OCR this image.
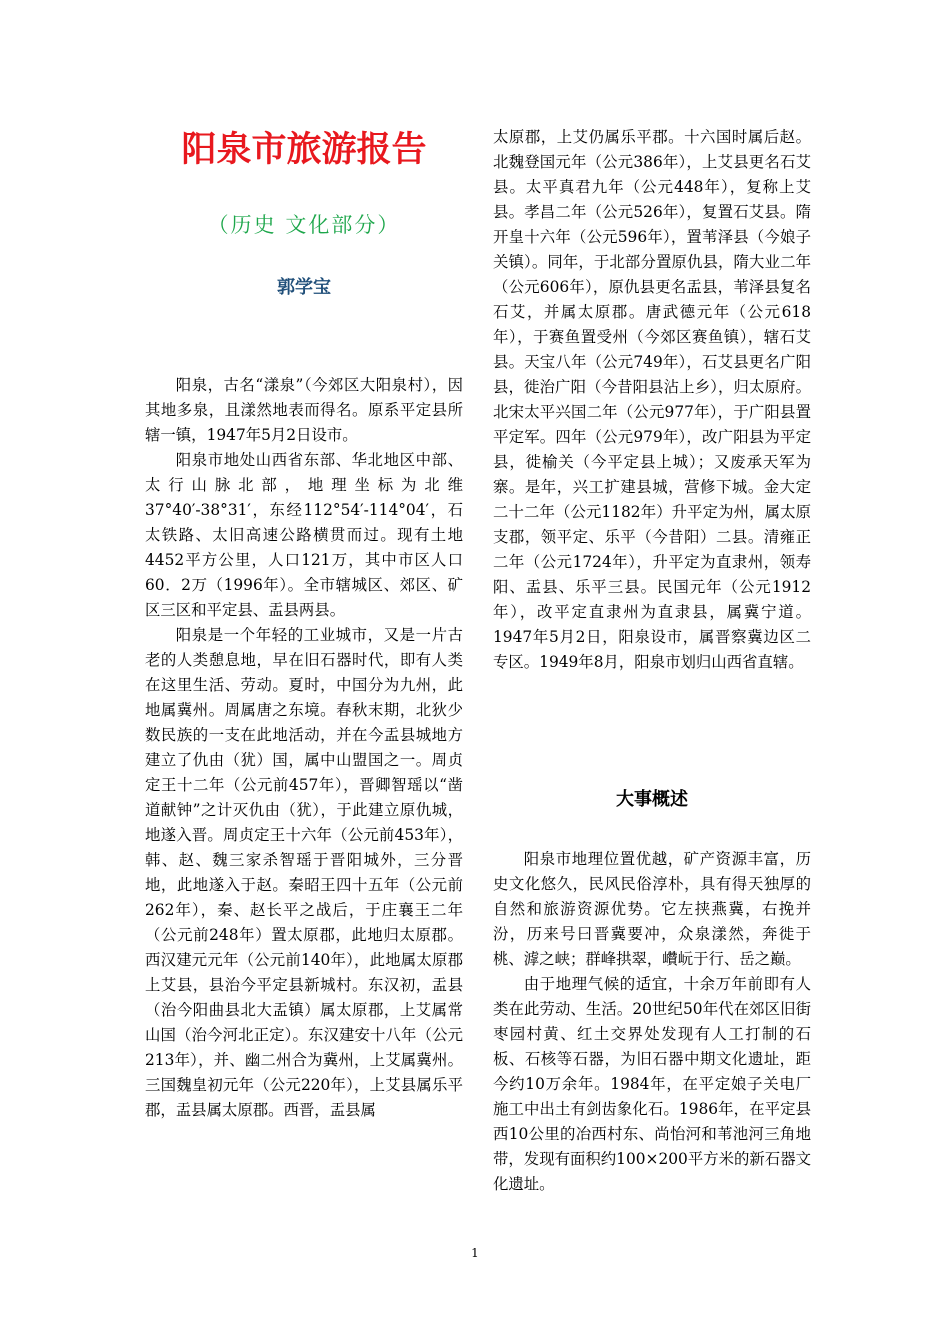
阳泉市旅游报告
（历史 文化部分）
郭学宝

阳泉，古名“漾泉”（今郊区大阳泉村），因其地多泉，且漾然地表而得名。原系平定县所辖一镇，1947年5月2日设市。

阳泉市地处山西省东部、华北地区中部、太行山脉北部，地理坐标为北维37°40′-38°31′，东经112°54′-114°04′，石太铁路、太旧高速公路横贯而过。现有土地4452平方公里，人口121万，其中市区人口60．2万（1996年）。全市辖城区、郊区、矿区三区和平定县、盂县两县。

阳泉是一个年轻的工业城市，又是一片古老的人类憩息地，早在旧石器时代，即有人类在这里生活、劳动。夏时，中国分为九州，此地属冀州。周属唐之东境。春秋末期，北狄少数民族的一支在此地活动，并在今盂县城地方建立了仇由（犹）国，属中山盟国之一。周贞定王十二年（公元前457年），晋卿智瑶以“凿道献钟”之计灭仇由（犹），于此建立原仇城，地遂入晋。周贞定王十六年（公元前453年），韩、赵、魏三家杀智瑶于晋阳城外，三分晋地，此地遂入于赵。秦昭王四十五年（公元前262年），秦、赵长平之战后，于庄襄王二年（公元前248年）置太原郡，此地归太原郡。西汉建元元年（公元前140年），此地属太原郡上艾县，县治今平定县新城村。东汉初，盂县（治今阳曲县北大盂镇）属太原郡，上艾属常山国（治今河北正定）。东汉建安十八年（公元213年），并、幽二州合为冀州，上艾属冀州。三国魏皇初元年（公元220年），上艾县属乐平郡，盂县属太原郡。西晋，盂县属

太原郡，上艾仍属乐平郡。十六国时属后赵。北魏登国元年（公元386年），上艾县更名石艾县。太平真君九年（公元448年），复称上艾县。孝昌二年（公元526年），复置石艾县。隋开皇十六年（公元596年），置苇泽县（今娘子关镇）。同年，于北部分置原仇县，隋大业二年（公元606年），原仇县更名盂县，苇泽县复名石艾，并属太原郡。唐武德元年（公元618年），于赛鱼置受州（今郊区赛鱼镇），辖石艾县。天宝八年（公元749年），石艾县更名广阳县，徙治广阳（今昔阳县沾上乡），归太原府。北宋太平兴国二年（公元977年），于广阳县置平定军。四年（公元979年），改广阳县为平定县，徙榆关（今平定县上城）；又废承天军为寨。是年，兴工扩建县城，营修下城。金大定二十二年（公元1182年）升平定为州，属太原支郡，领平定、乐平（今昔阳）二县。清雍正二年（公元1724年），升平定为直隶州，领寿阳、盂县、乐平三县。民国元年（公元1912年），改平定直隶州为直隶县，属冀宁道。1947年5月2日，阳泉设市，属晋察冀边区二专区。1949年8月，阳泉市划归山西省直辖。

大事概述

阳泉市地理位置优越，矿产资源丰富，历史文化悠久，民风民俗淳朴，具有得天独厚的自然和旅游资源优势。它左挟燕冀，右挽并汾，历来号曰晋冀要冲，众泉漾然，奔徙于桃、滹之峡；群峰拱翠，巑岏于行、岳之巅。

由于地理气候的适宜，十余万年前即有人类在此劳动、生活。20世纪50年代在郊区旧街枣园村黄、红土交界处发现有人工打制的石板、石核等石器，为旧石器中期文化遗址，距今约10万余年。1984年，在平定娘子关电厂施工中出土有剑齿象化石。1986年，在平定县西10公里的冶西村东、尚怡河和苇池河三角地带，发现有面积约100×200平方米的新石器文化遗址。

1
